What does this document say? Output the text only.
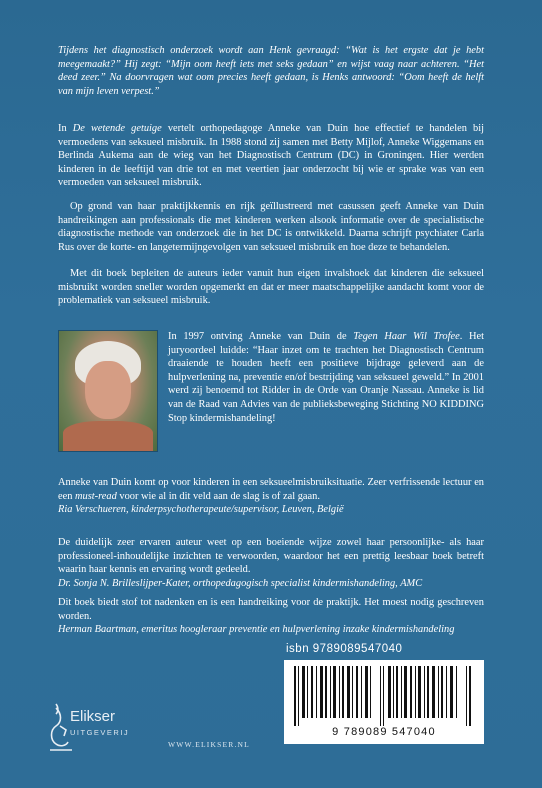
Tijdens het diagnostisch onderzoek wordt aan Henk gevraagd: “Wat is het ergste dat je hebt meegemaakt?” Hij zegt: “Mijn oom heeft iets met seks gedaan” en wijst vaag naar achteren. “Het deed zeer.” Na doorvragen wat oom precies heeft gedaan, is Henks antwoord: “Oom heeft de helft van mijn leven verpest.”

In De wetende getuige vertelt orthopedagoge Anneke van Duin hoe effectief te handelen bij vermoedens van seksueel misbruik. In 1988 stond zij samen met Betty Mijlof, Anneke Wiggemans en Berlinda Aukema aan de wieg van het Diagnostisch Centrum (DC) in Groningen. Hier werden kinderen in de leeftijd van drie tot en met veertien jaar onderzocht bij wie er sprake was van een vermoeden van seksueel misbruik.

Op grond van haar praktijkkennis en rijk geïllustreerd met casussen geeft Anneke van Duin handreikingen aan professionals die met kinderen werken alsook informatie over de specialistische diagnostische methode van onderzoek die in het DC is ontwikkeld. Daarna schrijft psychiater Carla Rus over de korte- en langetermijngevolgen van seksueel misbruik en hoe deze te behandelen.

Met dit boek bepleiten de auteurs ieder vanuit hun eigen invalshoek dat kinderen die seksueel misbruikt worden sneller worden opgemerkt en dat er meer maatschappelijke aandacht komt voor de problematiek van seksueel misbruik.

In 1997 ontving Anneke van Duin de Tegen Haar Wil Trofee. Het juryoordeel luidde: “Haar inzet om te trachten het Diagnostisch Centrum draaiende te houden heeft een positieve bijdrage geleverd aan de hulpverlening na, preventie en/of bestrijding van seksueel geweld.” In 2001 werd zij benoemd tot Ridder in de Orde van Oranje Nassau. Anneke is lid van de Raad van Advies van de publieksbeweging Stichting NO KIDDING Stop kindermishandeling!

Anneke van Duin komt op voor kinderen in een seksueelmisbruiksituatie. Zeer verfrissende lectuur en een must-read voor wie al in dit veld aan de slag is of zal gaan.

Ria Verschueren, kinderpsychotherapeute/supervisor, Leuven, België

De duidelijk zeer ervaren auteur weet op een boeiende wijze zowel haar persoonlijke- als haar professioneel-inhoudelijke inzichten te verwoorden, waardoor het een prettig leesbaar boek betreft waarin haar kennis en ervaring wordt gedeeld.

Dr. Sonja N. Brilleslijper-Kater, orthopedagogisch specialist kindermishandeling, AMC

Dit boek biedt stof tot nadenken en is een handreiking voor de praktijk. Het moest nodig geschreven worden.

Herman Baartman, emeritus hoogleraar preventie en hulpverlening inzake kindermishandeling

isbn 9789089547040
9 789089 547040
Elikser
UITGEVERIJ
WWW.ELIKSER.NL
